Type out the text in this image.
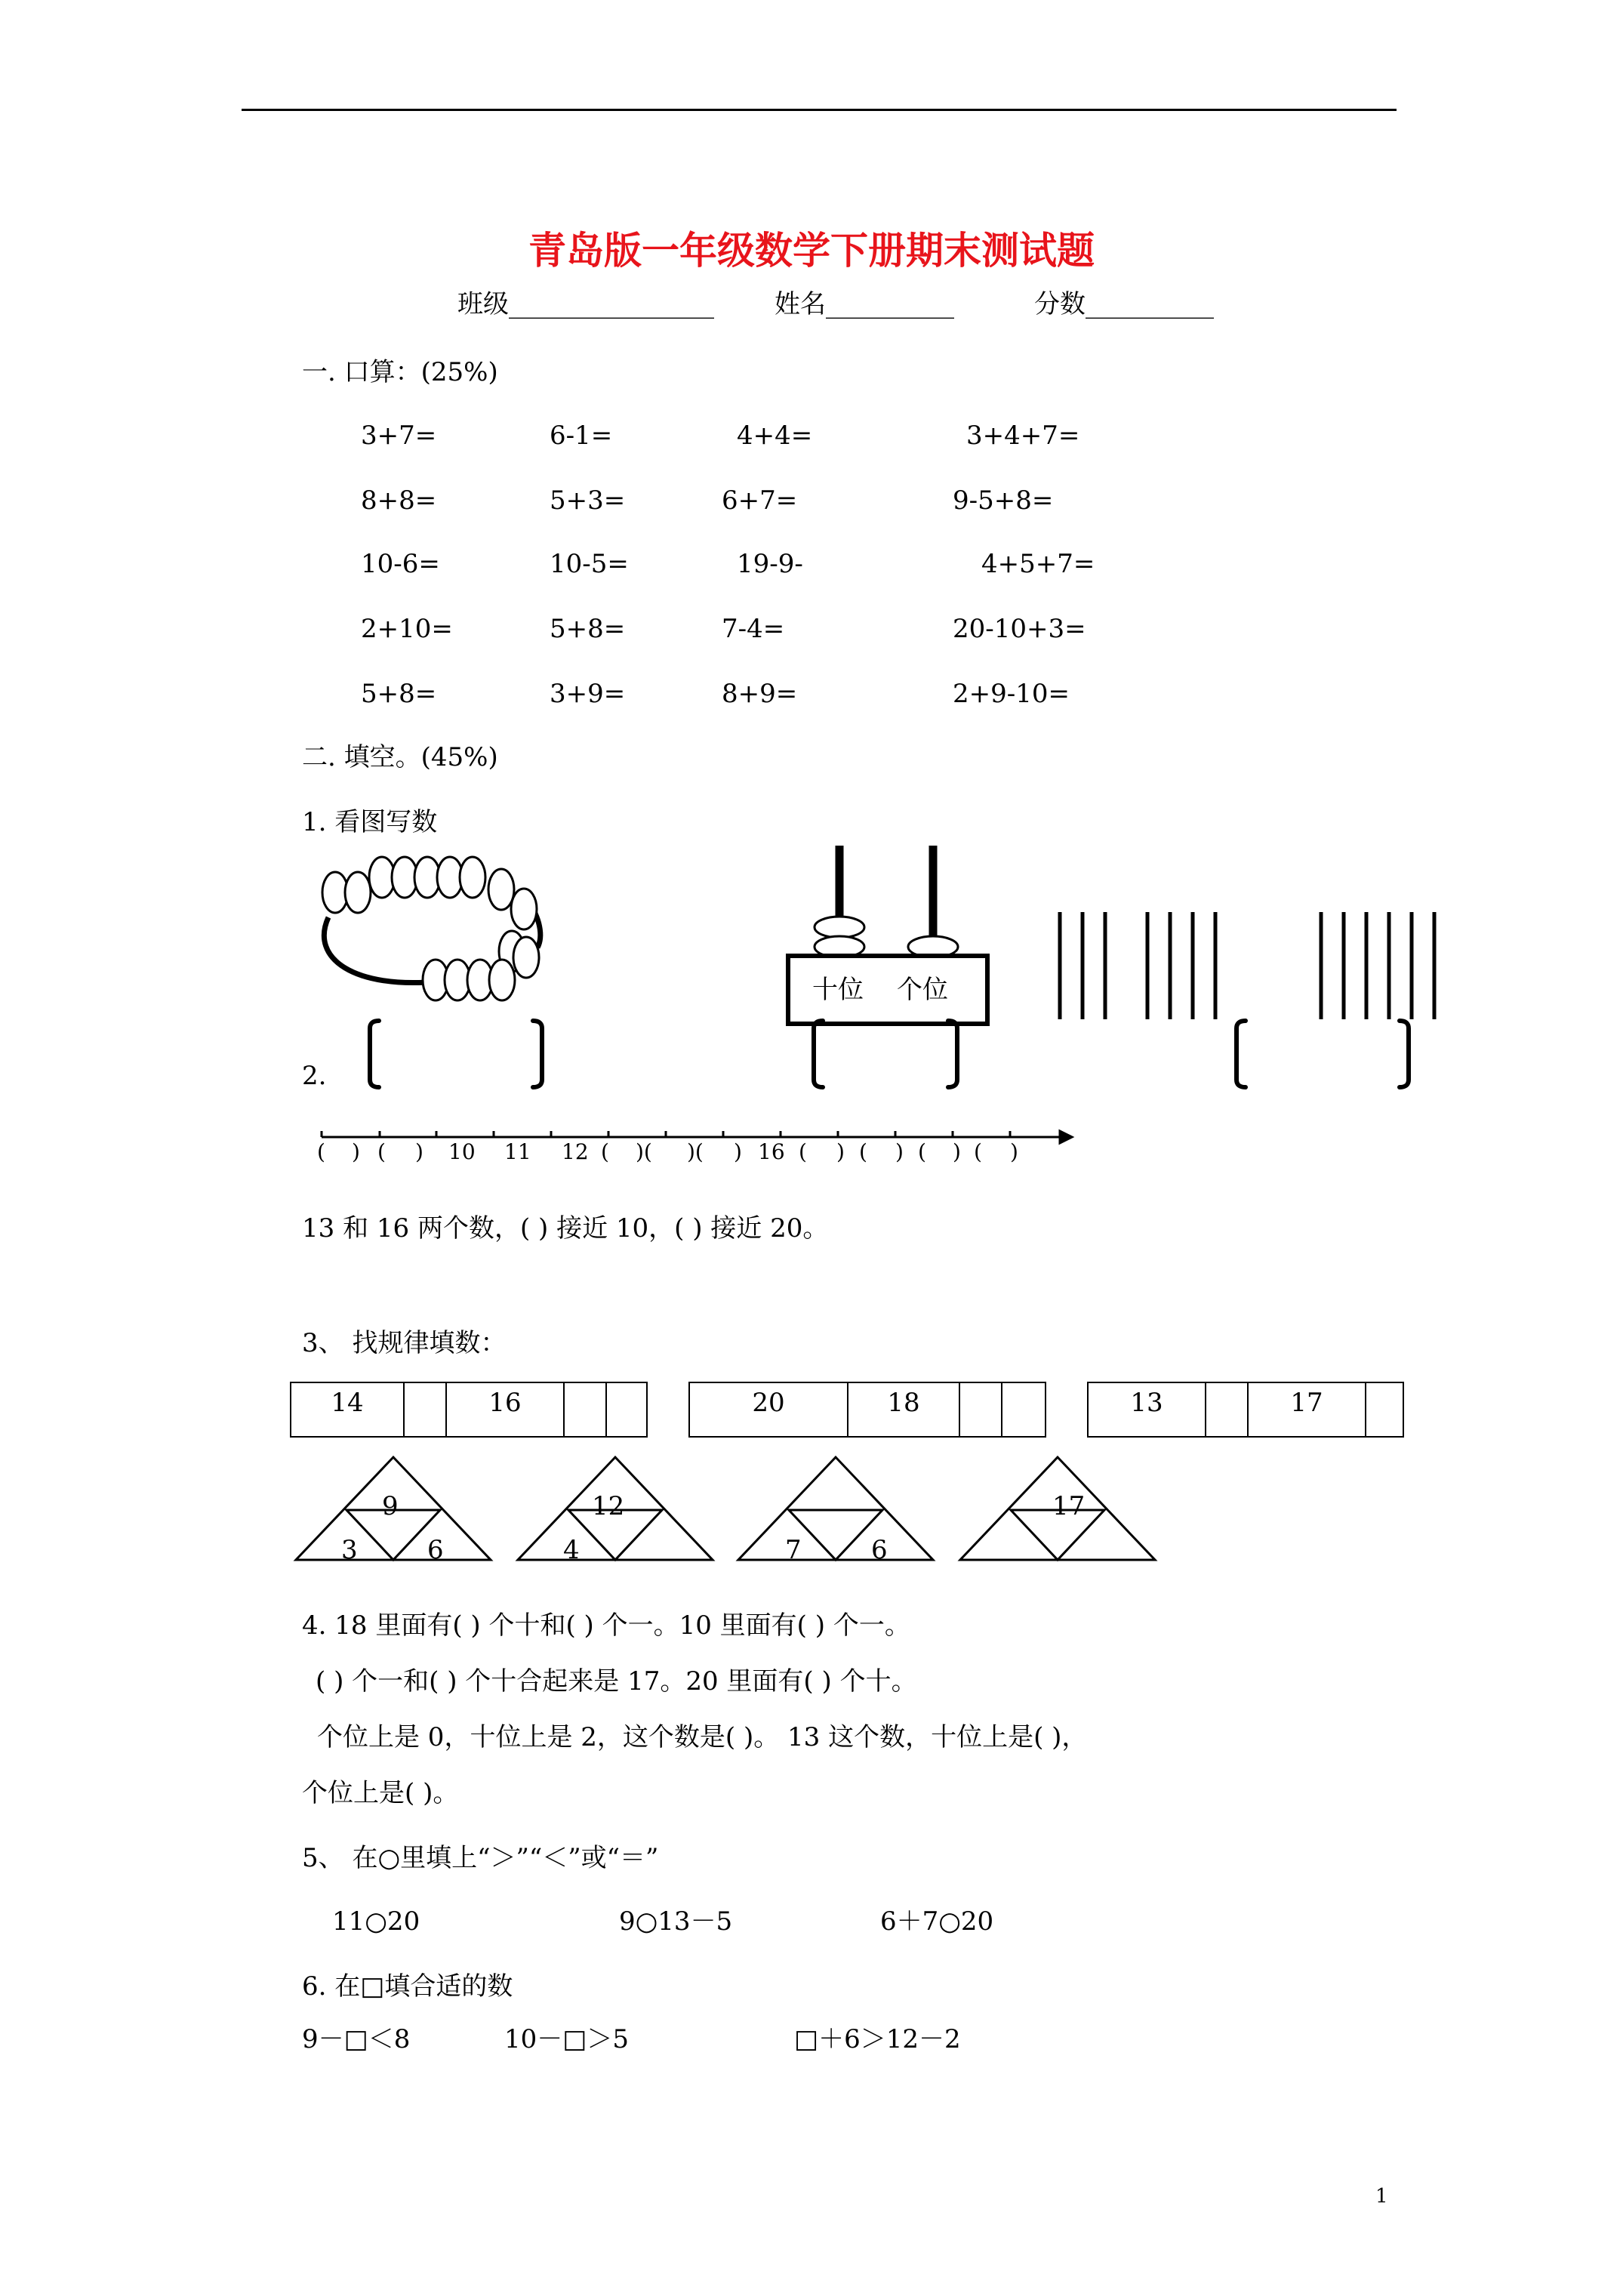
青岛版一年级数学下册期末测试题
班级________________ 姓名__________	分数__________
一. 口算：(25%)
3+7=	6-1=	4+4=	3+4+7=
8+8=	5+3=	6+7=	9-5+8=
10-6=	10-5=	19-9-	4+5+7=
2+10=	5+8=	7-4=	20-10+3=
5+8=	3+9=	8+9=	2+9-10=
二. 填空。(45%)
1. 看图写数
十位 个位
2.
( ) ( ) 10 11 12 ( )( )( ) 16 ( ) ( ) ( ) ( )
13 和 16 两个数，( ) 接近 10，( ) 接近 20。
3、 找规律填数：
14	16	20	18	13	17
9
3	6
12
4	7	6
17
4. 18 里面有( ) 个十和( ) 个一。10 里面有( ) 个一。
( ) 个一和( ) 个十合起来是 17。20 里面有( ) 个十。
个位上是 0，十位上是 2，这个数是( )。 13 这个数，十位上是( )，
个位上是( )。
5、 在○里填上“＞”“＜”或“＝”
11○20	9○13－5	6＋7○20
6. 在□填合适的数
9－□＜8	10－□＞5	□＋6＞12－2
1
